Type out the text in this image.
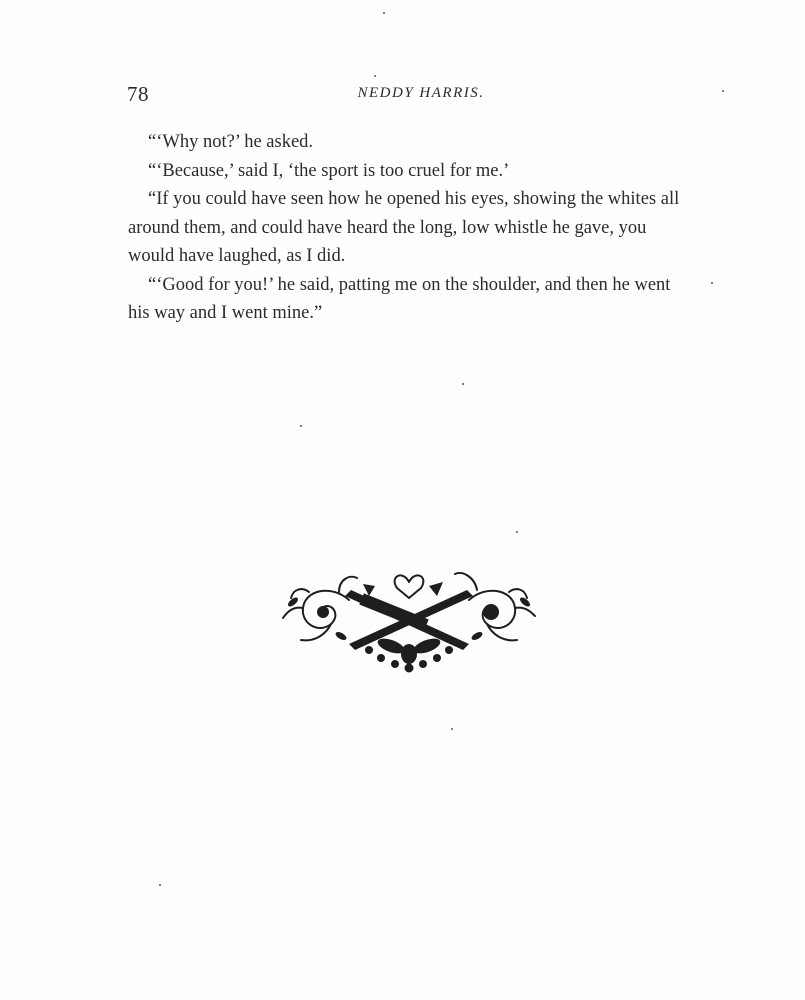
78	NEDDY HARRIS.

“‘Why not?’ he asked.

“‘Because,’ said I, ‘the sport is too cruel for me.’

“If you could have seen how he opened his eyes, showing the whites all around them, and could have heard the long, low whistle he gave, you would have laughed, as I did.

“‘Good for you!’ he said, patting me on the shoulder, and then he went his way and I went mine.”
